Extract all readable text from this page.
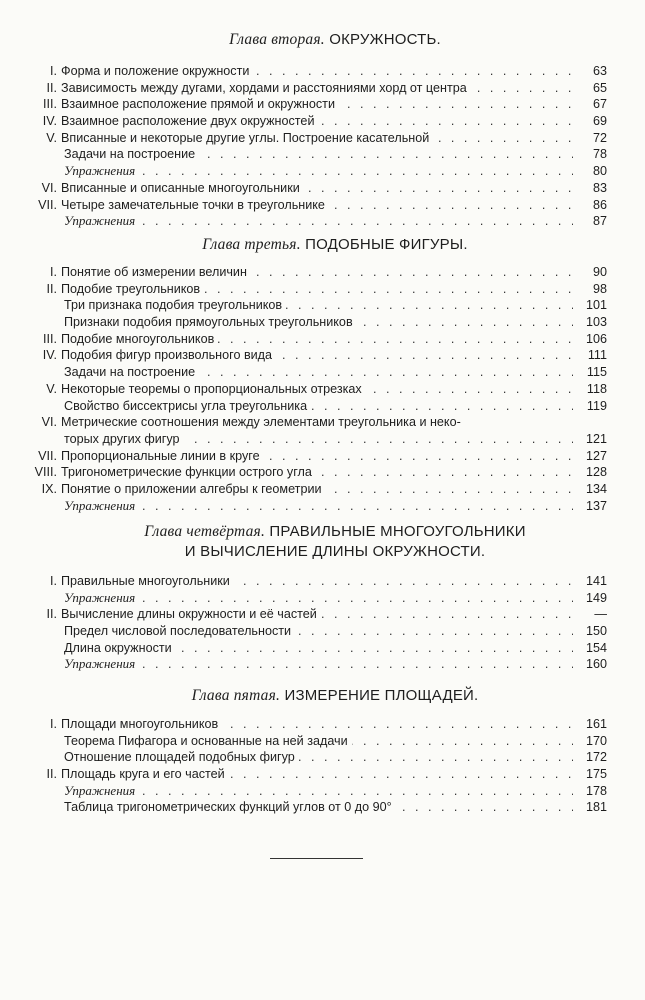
Глава вторая. ОКРУЖНОСТЬ.
I. Форма и положение окружности . . .	63
II. Зависимость между дугами, хордами и расстояниями хорд от центра . . .	65
III. Взаимное расположение прямой и окружности . . .	67
IV. Взаимное расположение двух окружностей . . .	69
V. Вписанные и некоторые другие углы. Построение касательной . . .	72
Задачи на построение . . .	78
Упражнения . . .	80
VI. Вписанные и описанные многоугольники . . .	83
VII. Четыре замечательные точки в треугольнике . . .	86
Упражнения . . .	87
Глава третья. ПОДОБНЫЕ ФИГУРЫ.
I. Понятие об измерении величин . . .	90
II. Подобие треугольников . . .	98
Три признака подобия треугольников . . .	101
Признаки подобия прямоугольных треугольников . . .	103
III. Подобие многоугольников . . .	106
IV. Подобия фигур произвольного вида . . .	111
Задачи на построение . . .	115
V. Некоторые теоремы о пропорциональных отрезках . . .	118
Свойство биссектрисы угла треугольника . . .	119
VI. Метрические соотношения между элементами треугольника и неко-
торых других фигур . . .	121
VII. Пропорциональные линии в круге . . .	127
VIII. Тригонометрические функции острого угла . . .	128
IX. Понятие о приложении алгебры к геометрии . . .	134
Упражнения . . .	137
Глава четвёртая. ПРАВИЛЬНЫЕ МНОГОУГОЛЬНИКИ
И ВЫЧИСЛЕНИЕ ДЛИНЫ ОКРУЖНОСТИ.
I. Правильные многоугольники . . .	141
Упражнения . . .	149
II. Вычисление длины окружности и её частей . . .	—
Предел числовой последовательности . . .	150
Длина окружности . . .	154
Упражнения . . .	160
Глава пятая. ИЗМЕРЕНИЕ ПЛОЩАДЕЙ.
I. Площади многоугольников . . .	161
Теорема Пифагора и основанные на ней задачи . . .	170
Отношение площадей подобных фигур . . .	172
II. Площадь круга и его частей . . .	175
Упражнения . . .	178
Таблица тригонометрических функций углов от 0 до 90° . . .	181
